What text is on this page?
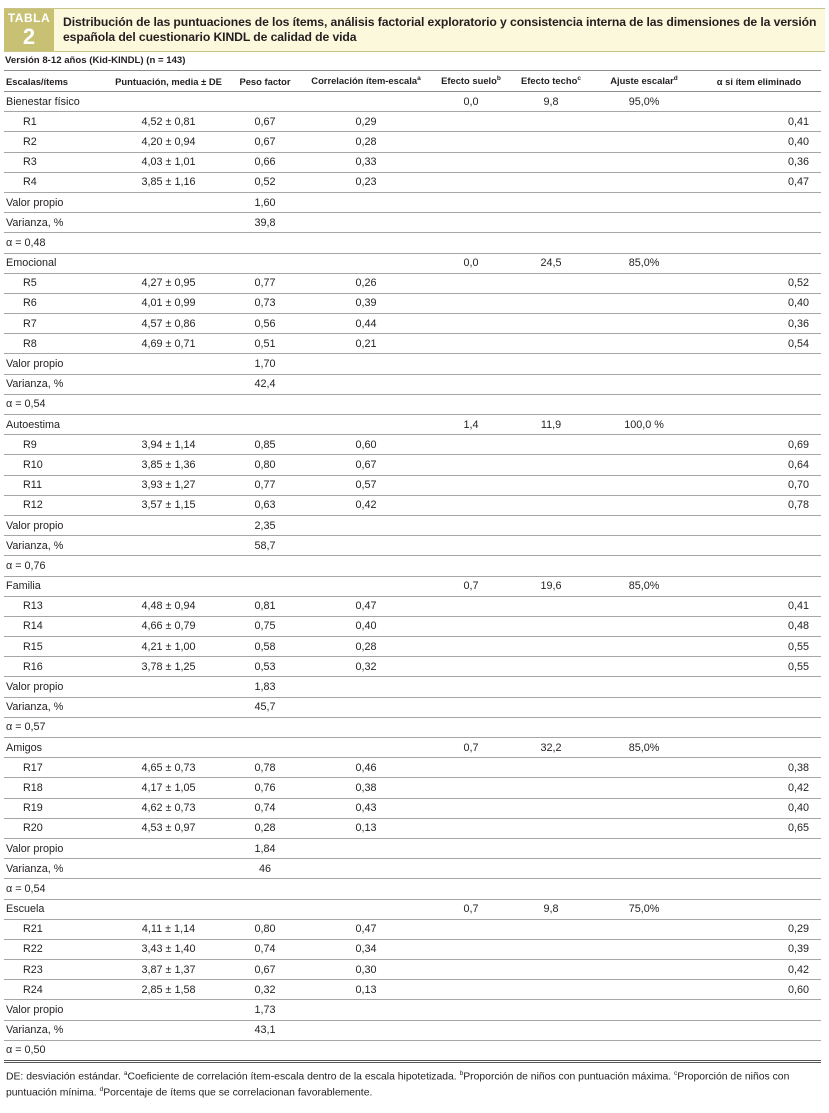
TABLA
2
Distribución de las puntuaciones de los ítems, análisis factorial exploratorio y consistencia interna de las dimensiones de la versión española del cuestionario KINDL de calidad de vida
Versión 8-12 años (Kid-KINDL) (n = 143)
Escalas/ítems	Puntuación, media ± DE	Peso factor	Correlación ítem-escala$^a$	Efecto suelo$^b$	Efecto techo$^c$	Ajuste escalar$^d$	α si ítem eliminado
Bienestar físico				0,0	9,8	95,0%	
R1	4,52 ± 0,81	0,67	0,29				0,41
R2	4,20 ± 0,94	0,67	0,28				0,40
R3	4,03 ± 1,01	0,66	0,33				0,36
R4	3,85 ± 1,16	0,52	0,23				0,47
Valor propio		1,60					
Varianza, %		39,8					
α = 0,48							
Emocional				0,0	24,5	85,0%	
R5	4,27 ± 0,95	0,77	0,26				0,52
R6	4,01 ± 0,99	0,73	0,39				0,40
R7	4,57 ± 0,86	0,56	0,44				0,36
R8	4,69 ± 0,71	0,51	0,21				0,54
Valor propio		1,70					
Varianza, %		42,4					
α = 0,54							
Autoestima				1,4	11,9	100,0 %	
R9	3,94 ± 1,14	0,85	0,60				0,69
R10	3,85 ± 1,36	0,80	0,67				0,64
R11	3,93 ± 1,27	0,77	0,57				0,70
R12	3,57 ± 1,15	0,63	0,42				0,78
Valor propio		2,35					
Varianza, %		58,7					
α = 0,76							
Familia				0,7	19,6	85,0%	
R13	4,48 ± 0,94	0,81	0,47				0,41
R14	4,66 ± 0,79	0,75	0,40				0,48
R15	4,21 ± 1,00	0,58	0,28				0,55
R16	3,78 ± 1,25	0,53	0,32				0,55
Valor propio		1,83					
Varianza, %		45,7					
α = 0,57							
Amigos				0,7	32,2	85,0%	
R17	4,65 ± 0,73	0,78	0,46				0,38
R18	4,17 ± 1,05	0,76	0,38				0,42
R19	4,62 ± 0,73	0,74	0,43				0,40
R20	4,53 ± 0,97	0,28	0,13				0,65
Valor propio		1,84					
Varianza, %		46					
α = 0,54							
Escuela				0,7	9,8	75,0%	
R21	4,11 ± 1,14	0,80	0,47				0,29
R22	3,43 ± 1,40	0,74	0,34				0,39
R23	3,87 ± 1,37	0,67	0,30				0,42
R24	2,85 ± 1,58	0,32	0,13				0,60
Valor propio		1,73					
Varianza, %		43,1					
α = 0,50							
DE: desviación estándar. $^a$Coeficiente de correlación ítem-escala dentro de la escala hipotetizada. $^b$Proporción de niños con puntuación máxima. $^c$Proporción de niños con puntuación mínima. $^d$Porcentaje de ítems que se correlacionan favorablemente.
